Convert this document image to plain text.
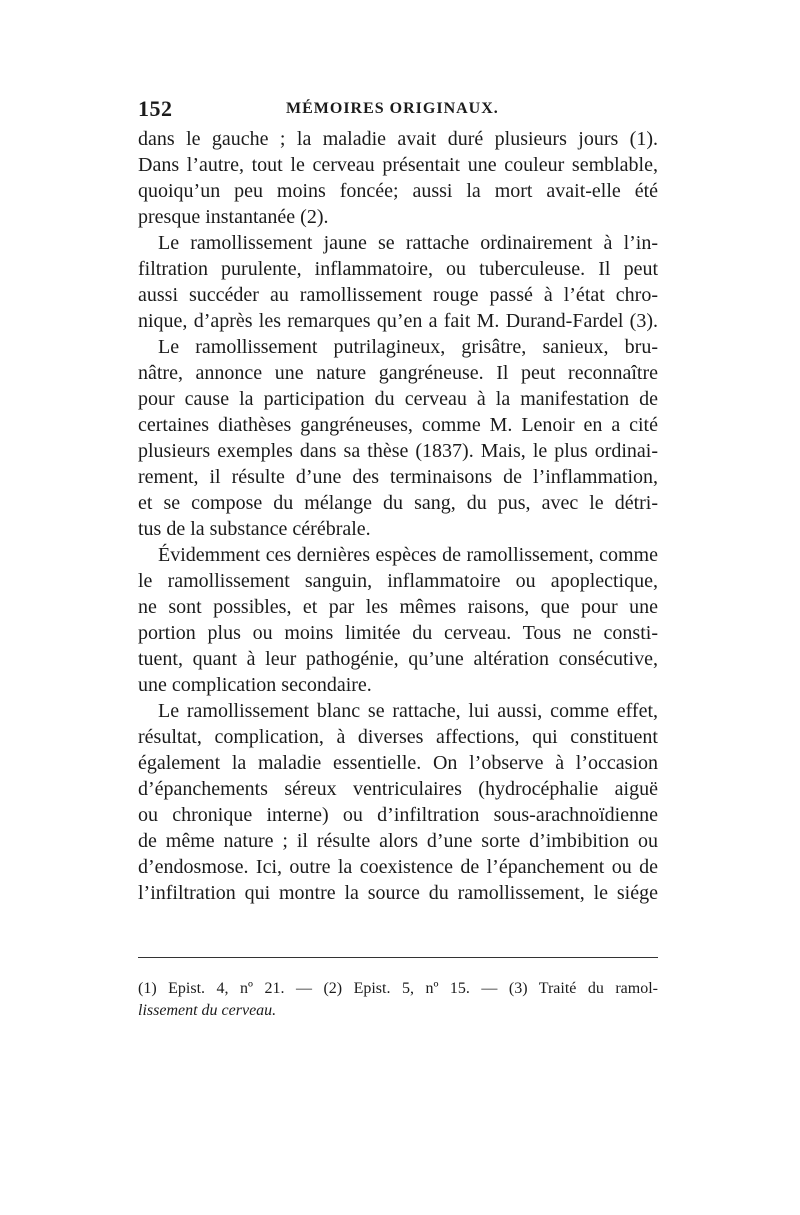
152	MÉMOIRES ORIGINAUX.
dans le gauche ; la maladie avait duré plusieurs jours (1).
Dans l’autre, tout le cerveau présentait une couleur semblable,
quoiqu’un peu moins foncée; aussi la mort avait-elle été
presque instantanée (2).
Le ramollissement jaune se rattache ordinairement à l’in-
filtration purulente, inflammatoire, ou tuberculeuse. Il peut
aussi succéder au ramollissement rouge passé à l’état chro-
nique, d’après les remarques qu’en a fait M. Durand-Fardel (3).
Le ramollissement putrilagineux, grisâtre, sanieux, bru-
nâtre, annonce une nature gangréneuse. Il peut reconnaître
pour cause la participation du cerveau à la manifestation de
certaines diathèses gangréneuses, comme M. Lenoir en a cité
plusieurs exemples dans sa thèse (1837). Mais, le plus ordinai-
rement, il résulte d’une des terminaisons de l’inflammation,
et se compose du mélange du sang, du pus, avec le détri-
tus de la substance cérébrale.
Évidemment ces dernières espèces de ramollissement, comme
le ramollissement sanguin, inflammatoire ou apoplectique,
ne sont possibles, et par les mêmes raisons, que pour une
portion plus ou moins limitée du cerveau. Tous ne consti-
tuent, quant à leur pathogénie, qu’une altération consécutive,
une complication secondaire.
Le ramollissement blanc se rattache, lui aussi, comme effet,
résultat, complication, à diverses affections, qui constituent
également la maladie essentielle. On l’observe à l’occasion
d’épanchements séreux ventriculaires (hydrocéphalie aiguë
ou chronique interne) ou d’infiltration sous-arachnoïdienne
de même nature ; il résulte alors d’une sorte d’imbibition ou
d’endosmose. Ici, outre la coexistence de l’épanchement ou de
l’infiltration qui montre la source du ramollissement, le siége
(1) Epist. 4, nº 21. — (2) Epist. 5, nº 15. — (3) Traité du ramol-
lissement du cerveau.
